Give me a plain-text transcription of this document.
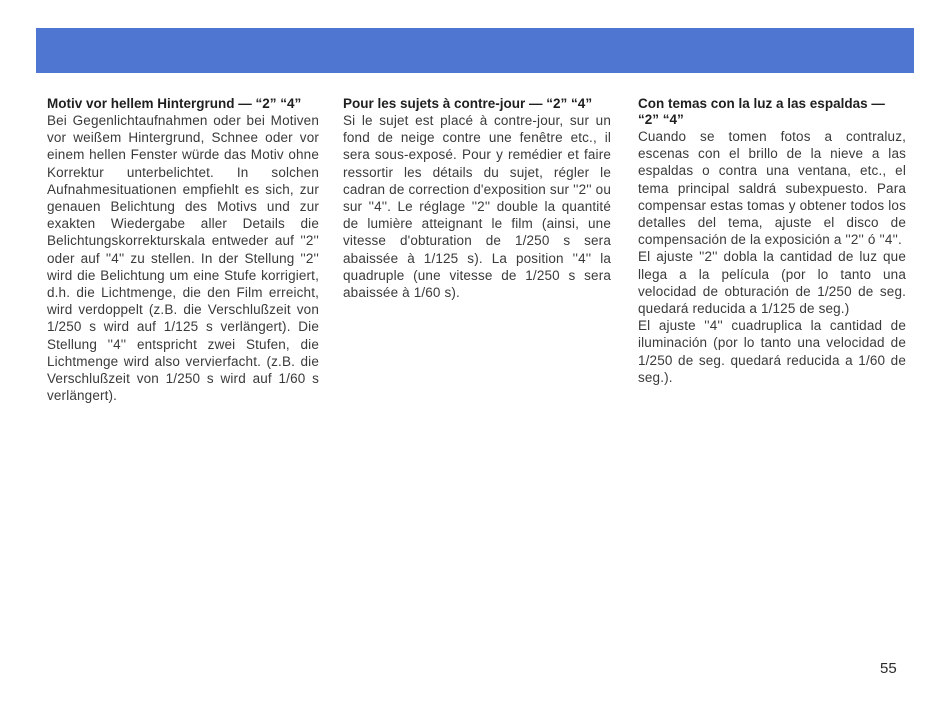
Motiv vor hellem Hintergrund — “2” “4”

Bei Gegenlichtaufnahmen oder bei Motiven vor weißem Hintergrund, Schnee oder vor einem hellen Fenster würde das Motiv ohne Korrektur unterbelichtet. In solchen Aufnahmesituationen empfiehlt es sich, zur genauen Belichtung des Motivs und zur exakten Wiedergabe aller Details die Belichtungskorrekturskala entweder auf ''2'' oder auf ''4'' zu stellen. In der Stellung ''2'' wird die Belichtung um eine Stufe korrigiert, d.h. die Lichtmenge, die den Film erreicht, wird verdoppelt (z.B. die Verschlußzeit von 1/250 s wird auf 1/125 s verlängert). Die Stellung ''4'' entspricht zwei Stufen, die Lichtmenge wird also vervierfacht. (z.B. die Verschlußzeit von 1/250 s wird auf 1/60 s verlängert).

Pour les sujets à contre-jour — “2” “4”

Si le sujet est placé à contre-jour, sur un fond de neige contre une fenêtre etc., il sera sous-exposé. Pour y remédier et faire ressortir les détails du sujet, régler le cadran de correction d'exposition sur ''2'' ou sur ''4''. Le réglage ''2'' double la quantité de lumière atteignant le film (ainsi, une vitesse d'obturation de 1/250 s sera abaissée à 1/125 s). La position ''4'' la quadruple (une vitesse de 1/250 s sera abaissée à 1/60 s).

Con temas con la luz a las espaldas — “2” “4”

Cuando se tomen fotos a contraluz, escenas con el brillo de la nieve a las espaldas o contra una ventana, etc., el tema principal saldrá subexpuesto. Para compensar estas tomas y obtener todos los detalles del tema, ajuste el disco de compensación de la exposición a ''2'' ó ''4''.

El ajuste ''2'' dobla la cantidad de luz que llega a la película (por lo tanto una velocidad de obturación de 1/250 de seg. quedará reducida a 1/125 de seg.)

El ajuste ''4'' cuadruplica la cantidad de iluminación (por lo tanto una velocidad de 1/250 de seg. quedará reducida a 1/60 de seg.).

55
